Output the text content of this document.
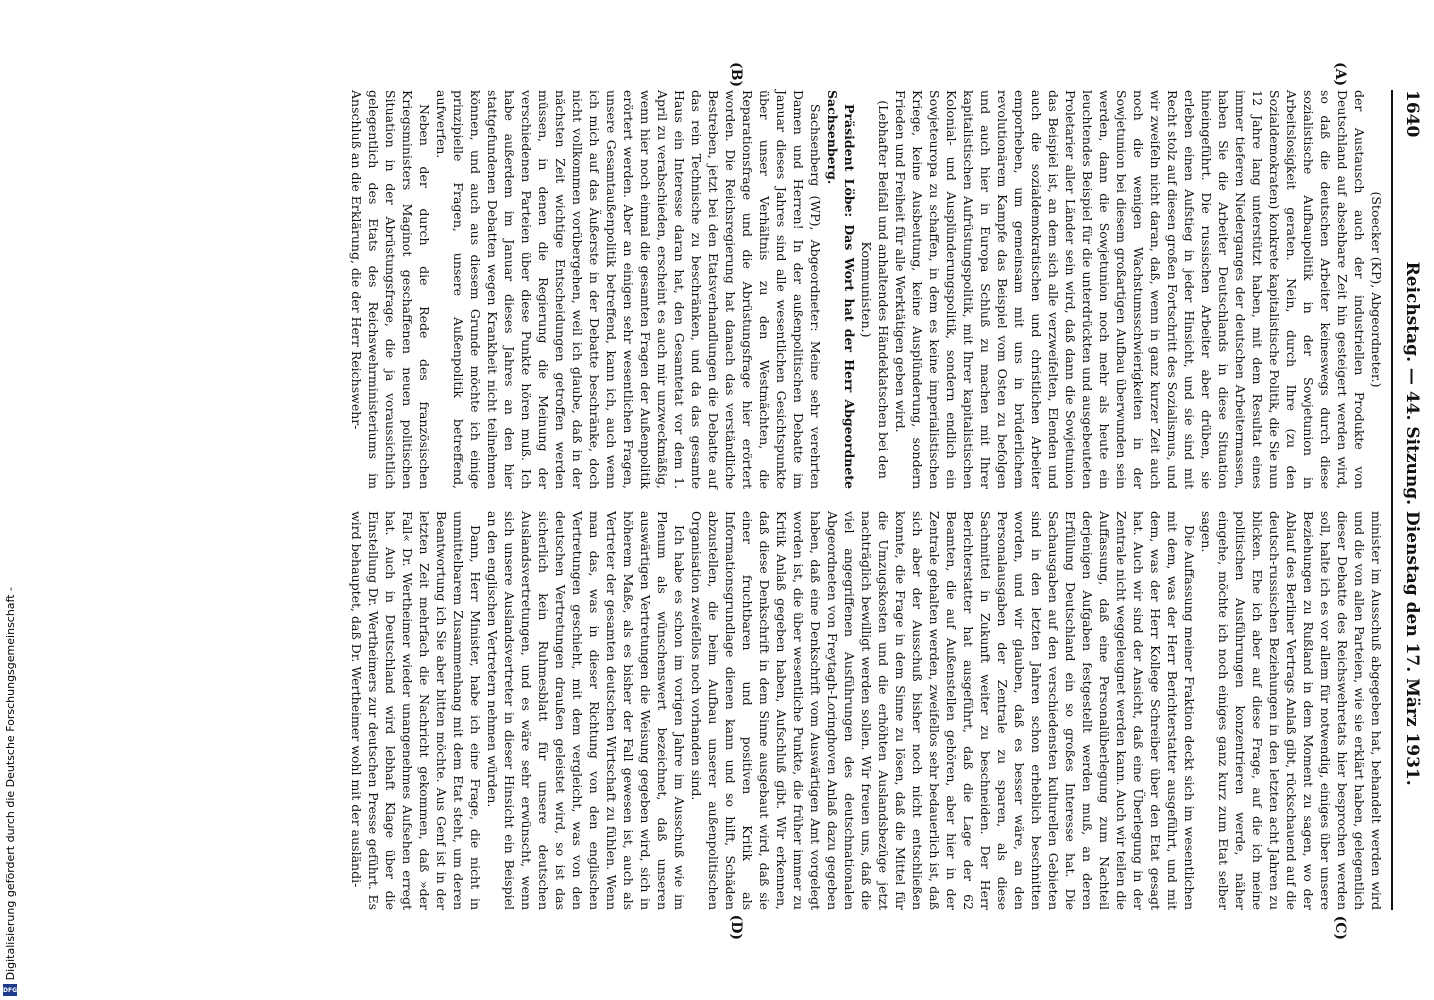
Digitalisierung gefördert durch die Deutsche Forschungsgemeinschaft -
DFG
1640
Reichstag. — 44. Sitzung. Dienstag den 17. März 1931.
(A)
(B)

(Stoecker (KP), Abgeordneter.)

der Austausch auch der industriellen Produkte von Deutschland auf absehbare Zeit hin gesteigert werden wird, so daß die deutschen Arbeiter keineswegs durch diese sozialistische Aufbaupolitik in der Sowjetunion in Arbeitslosigkeit geraten. Nein, durch Ihre (zu den Sozialdemokraten) konkrete kapitalistische Politik, die Sie nun 12 Jahre lang unterstützt haben, mit dem Resultat eines immer tieferen Niederganges der deutschen Arbeitermassen, haben Sie die Arbeiter Deutschlands in diese Situation hineingeführt. Die russischen Arbeiter aber drüben, sie erleben einen Aufstieg in jeder Hinsicht, und sie sind mit Recht stolz auf diesen großen Fortschritt des Sozialismus, und wir zweifeln nicht daran, daß, wenn in ganz kurzer Zeit auch noch die wenigen Wachstumsschwierigkeiten in der Sowjetunion bei diesem großartigen Aufbau überwunden sein werden, dann die Sowjetunion noch mehr als heute ein leuchtendes Beispiel für die unterdrückten und ausgebeuteten Proletarier aller Länder sein wird, daß dann die Sowjetunion das Beispiel ist, an dem sich alle verzweifelten, Elenden und auch die sozialdemokratischen und christlichen Arbeiter emporheben, um gemeinsam mit uns in brüderlichem revolutionärem Kampfe das Beispiel vom Osten zu befolgen und auch hier in Europa Schluß zu machen mit Ihrer kapitalistischen Aufrüstungspolitik, mit Ihrer kapitalistischen Kolonial- und Ausplünderungspolitik, sondern endlich ein Sowjeteuropa zu schaffen, in dem es keine imperialistischen Kriege, keine Ausbeutung, keine Ausplünderung, sondern Frieden und Freiheit für alle Werktätigen geben wird.

(Lebhafter Beifall und anhaltendes Händeklatschen bei den Kommunisten.)

Präsident Löbe: Das Wort hat der Herr Abgeordnete Sachsenberg.

Sachsenberg (WP), Abgeordneter: Meine sehr verehrten Damen und Herren! In der außenpolitischen Debatte im Januar dieses Jahres sind alle wesentlichen Gesichtspunkte über unser Verhältnis zu den Westmächten, die Reparationsfrage und die Abrüstungsfrage hier erörtert worden. Die Reichsregierung hat danach das verständliche Bestreben, jetzt bei den Etatsverhandlungen die Debatte auf das rein Technische zu beschränken, und da das gesamte Haus ein Interesse daran hat, den Gesamtetat vor dem 1. April zu verabschieden, erscheint es auch mir unzweckmäßig, wenn hier noch einmal die gesamten Fragen der Außenpolitik erörtert werden. Aber an einigen sehr wesentlichen Fragen, unsere Gesamtaußenpolitik betreffend, kann ich, auch wenn ich mich auf das Äußerste in der Debatte beschränke, doch nicht vollkommen vorübergehen, weil ich glaube, daß in der nächsten Zeit wichtige Entscheidungen getroffen werden müssen, in denen die Regierung die Meinung der verschiedenen Parteien über diese Punkte hören muß. Ich habe außerdem im Januar dieses Jahres an den hier stattgefundenen Debatten wegen Krankheit nicht teilnehmen können, und auch aus diesem Grunde möchte ich einige prinzipielle Fragen, unsere Außenpolitik betreffend, aufwerfen.

Neben der durch die Rede des französischen Kriegsministers Maginot geschaffenen neuen politischen Situation in der Abrüstungsfrage, die ja voraussichtlich gelegentlich des Etats des Reichswehrministeriums im Anschluß an die Erklärung, die der Herr Reichswehr-

(C)
(D)

minister im Ausschuß abgegeben hat, behandelt werden wird und die von allen Parteien, wie sie erklärt haben, gelegentlich dieser Debatte des Reichswehretats hier besprochen werden soll, halte ich es vor allem für notwendig, einiges über unsere Beziehungen zu Rußland in dem Moment zu sagen, wo der Ablauf des Berliner Vertrags Anlaß gibt, rückschauend auf die deutsch-russischen Beziehungen in den letzten acht Jahren zu blicken. Ehe ich aber auf diese Frage, auf die ich meine politischen Ausführungen konzentrieren werde, näher eingehe, möchte ich noch einiges ganz kurz zum Etat selber sagen.

Die Auffassung meiner Fraktion deckt sich im wesentlichen mit dem, was der Herr Berichterstatter ausgeführt, und mit dem, was der Herr Kollege Schreiber über den Etat gesagt hat. Auch wir sind der Ansicht, daß eine Überlegung in der Zentrale nicht weggeleugnet werden kann. Auch wir teilen die Auffassung, daß eine Personalüberlegung zum Nachteil derjenigen Aufgaben festgestellt werden muß, an deren Erfüllung Deutschland ein so großes Interesse hat. Die Sachausgaben auf den verschiedensten kulturellen Gebieten sind in den letzten Jahren schon erheblich beschnitten worden, und wir glauben, daß es besser wäre, an den Personalausgaben der Zentrale zu sparen, als diese Sachmittel in Zukunft weiter zu beschneiden. Der Herr Berichterstatter hat ausgeführt, daß die Lage der 62 Beamten, die auf Außenstellen gehören, aber hier in der Zentrale gehalten werden, zweifellos sehr bedauerlich ist, daß sich aber der Ausschuß bisher noch nicht entschließen konnte, die Frage in dem Sinne zu lösen, daß die Mittel für die Umzugskosten und die erhöhten Auslandsbezüge jetzt nachträglich bewilligt werden sollen. Wir freuen uns, daß die viel angegriffenen Ausführungen des deutschnationalen Abgeordneten von Freytagh-Loringhoven Anlaß dazu gegeben haben, daß eine Denkschrift vom Auswärtigen Amt vorgelegt worden ist, die über wesentliche Punkte, die früher immer zu Kritik Anlaß gegeben haben, Aufschluß gibt. Wir erkennen, daß diese Denkschrift in dem Sinne ausgebaut wird, daß sie einer fruchtbaren und positiven Kritik als Informationsgrundlage dienen kann und so hilft, Schäden abzustellen, die beim Aufbau unserer außenpolitischen Organisation zweifellos noch vorhanden sind.

Ich habe es schon im vorigen Jahre im Ausschuß wie im Plenum als wünschenswert bezeichnet, daß unseren auswärtigen Vertretungen die Weisung gegeben wird, sich in höherem Maße, als es bisher der Fall gewesen ist, auch als Vertreter der gesamten deutschen Wirtschaft zu fühlen. Wenn man das, was in dieser Richtung von den englischen Vertretungen geschieht, mit dem vergleicht, was von den deutschen Vertretungen draußen geleistet wird, so ist das sicherlich kein Ruhmesblatt für unsere deutschen Auslandsvertretungen, und es wäre sehr erwünscht, wenn sich unsere Auslandsvertreter in dieser Hinsicht ein Beispiel an den englischen Vertretern nehmen würden.

Dann, Herr Minister, habe ich eine Frage, die nicht in unmittelbarem Zusammenhang mit dem Etat steht, um deren Beantwortung ich Sie aber bitten möchte. Aus Genf ist in der letzten Zeit mehrfach die Nachricht gekommen, daß »der Fall« Dr. Wertheimer wieder unangenehmes Aufsehen erregt hat. Auch in Deutschland wird lebhaft Klage über die Einstellung Dr. Wertheimers zur deutschen Presse geführt. Es wird behauptet, daß Dr. Wertheimer wohl mit der ausländi-
